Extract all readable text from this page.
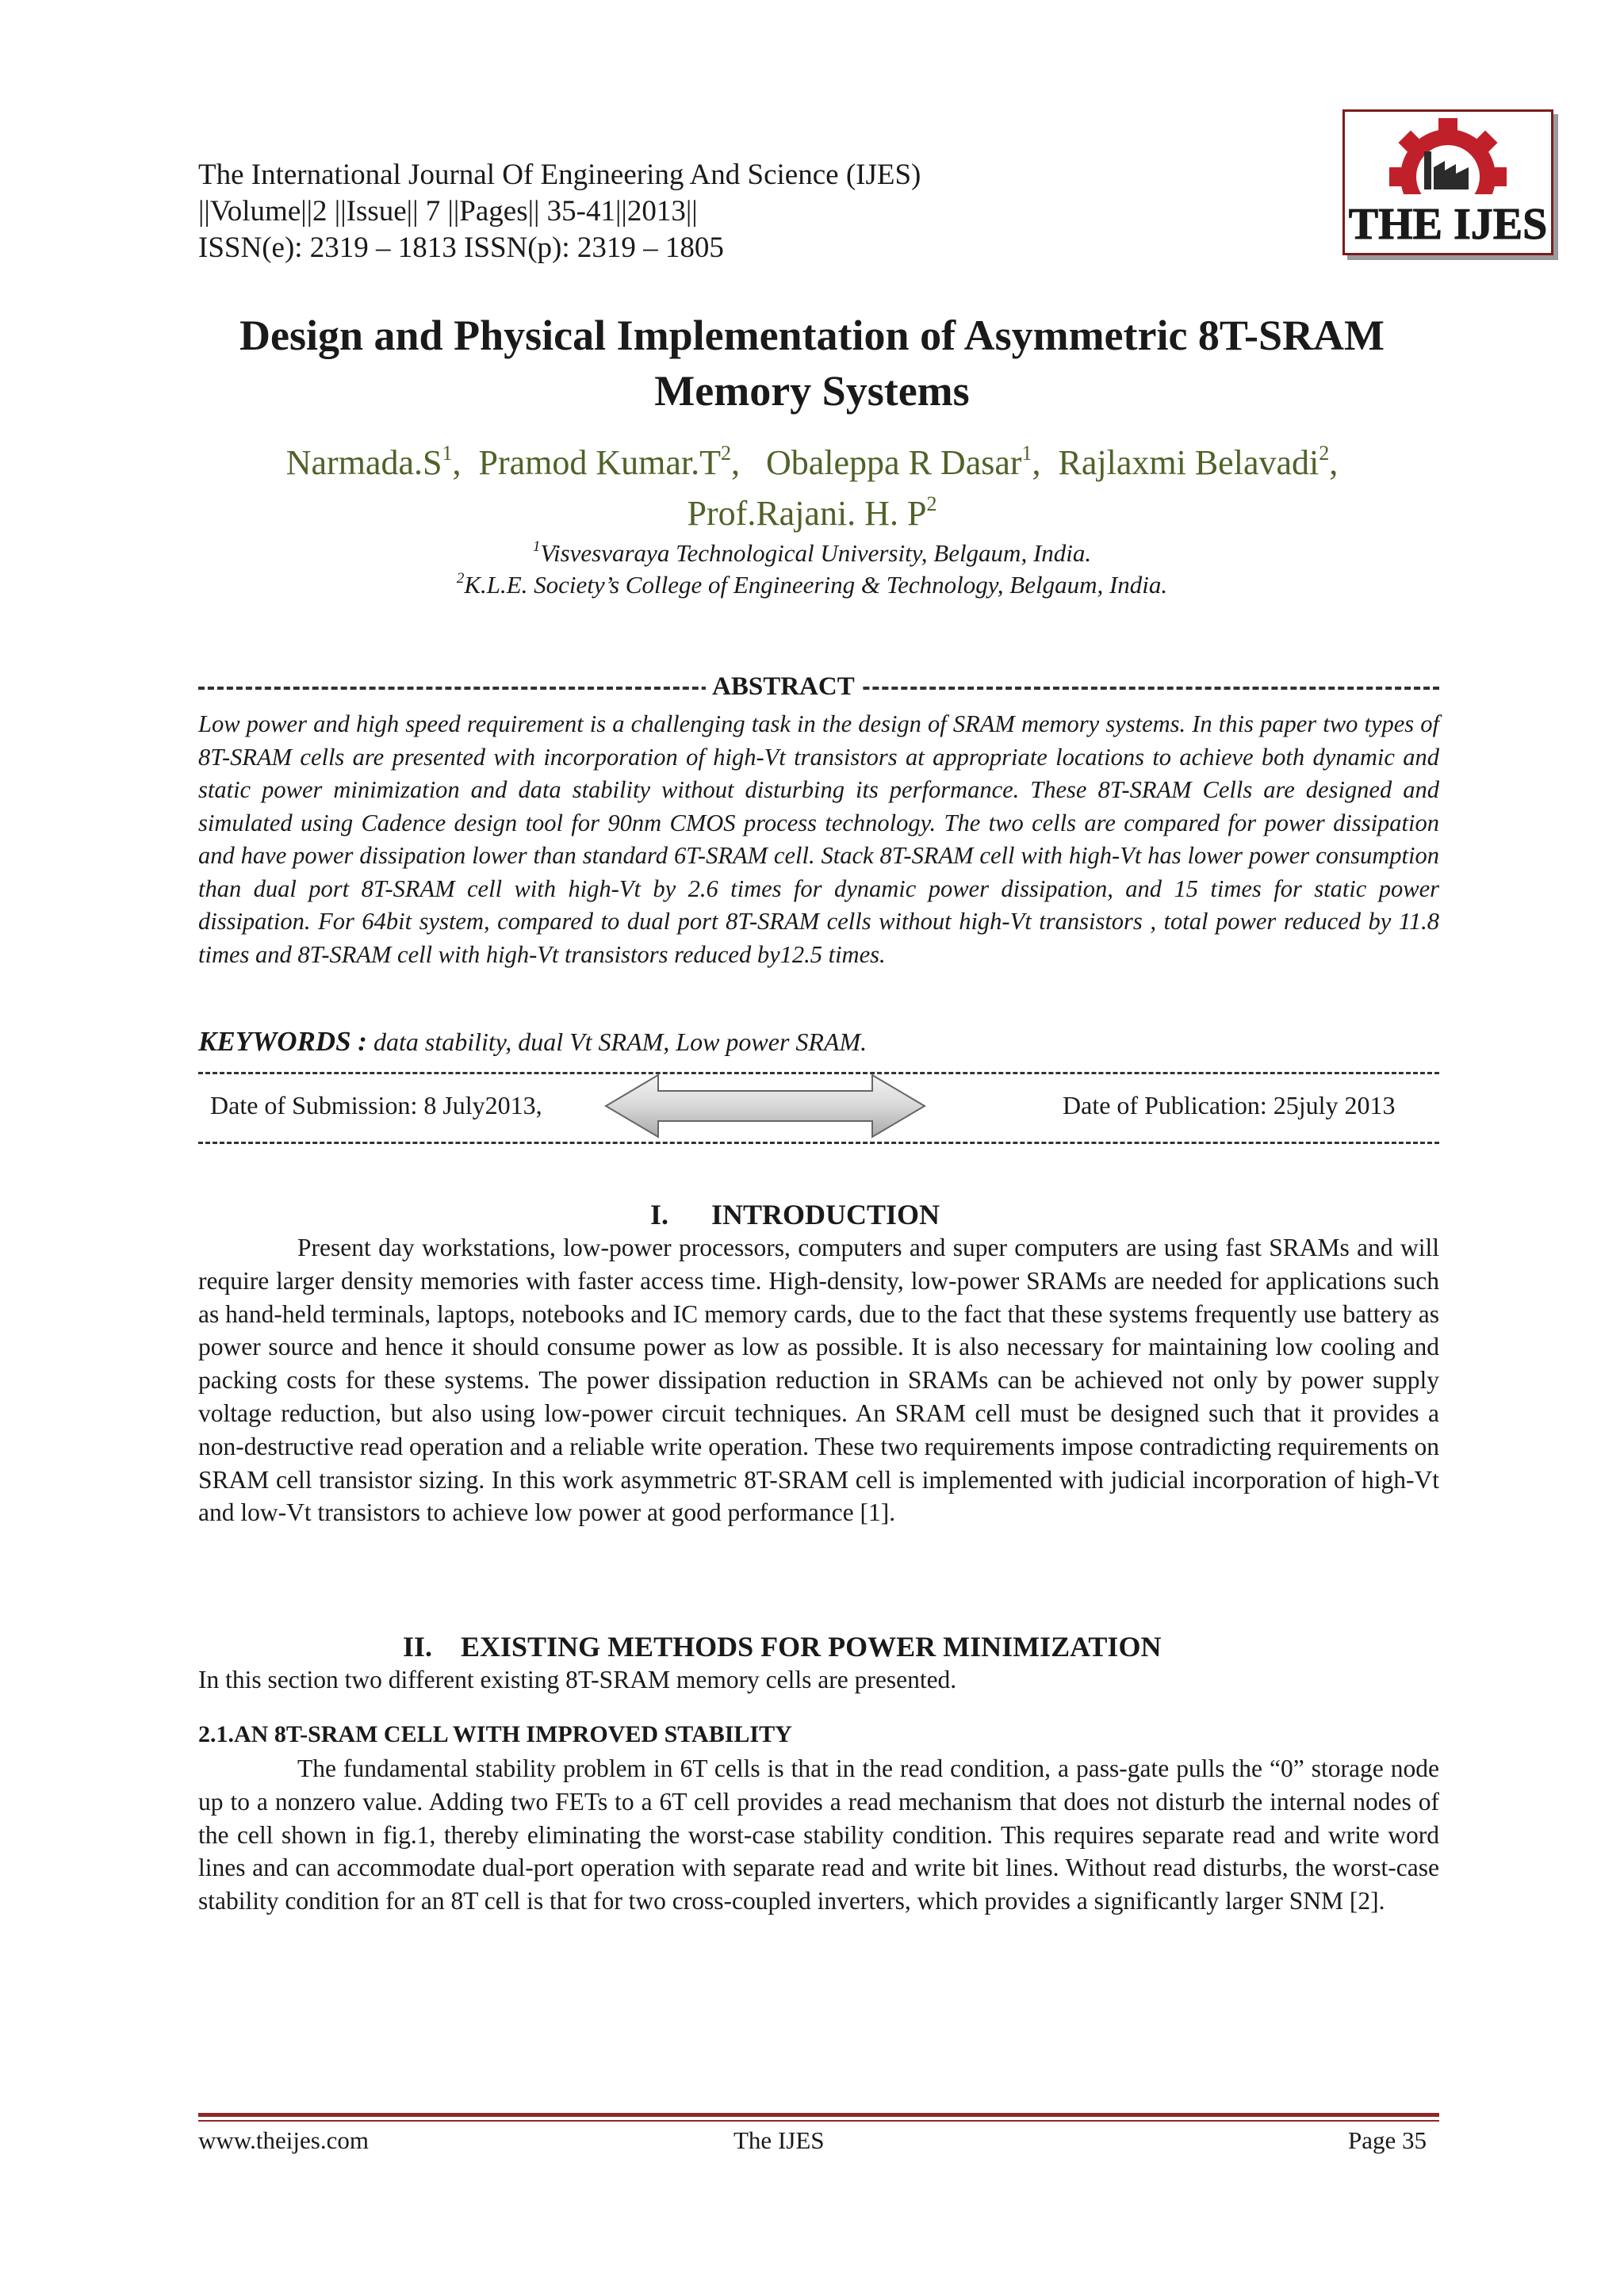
The International Journal Of Engineering And Science (IJES)
||Volume||2 ||Issue|| 7 ||Pages|| 35-41||2013||
ISSN(e): 2319 – 1813 ISSN(p): 2319 – 1805	THE IJES
Design and Physical Implementation of Asymmetric 8T-SRAM
Memory Systems
$Narmada.S^1$,  Pramod $Kumar.T^2$,   Obaleppa R Dasar$^1$,  Rajlaxmi Belavadi$^2$,
Prof.Rajani. H. $P^2$
$^1$Visvesvaraya Technological University, Belgaum, India.
$^2$K.L.E. Society’s College of Engineering & Technology, Belgaum, India.
ABSTRACT
Low power and high speed requirement is a challenging task in the design of SRAM memory systems. In this paper two types of 8T-SRAM cells are presented with incorporation of high-Vt transistors at appropriate locations to achieve both dynamic and static power minimization and data stability without disturbing its performance. These 8T-SRAM Cells are designed and simulated using Cadence design tool for 90nm CMOS process technology. The two cells are compared for power dissipation and have power dissipation lower than standard 6T-SRAM cell. Stack 8T-SRAM cell with high-Vt has lower power consumption than dual port 8T-SRAM cell with high-Vt by 2.6 times for dynamic power dissipation, and 15 times for static power dissipation. For 64bit system, compared to dual port 8T-SRAM cells without high-Vt transistors , total power reduced by 11.8 times and 8T-SRAM cell with high-Vt transistors reduced by12.5 times.
KEYWORDS : data stability, dual Vt SRAM, Low power SRAM.
Date of Submission: 8 July2013,	Date of Publication: 25july 2013
I.      INTRODUCTION
Present day workstations, low-power processors, computers and super computers are using fast SRAMs and will require larger density memories with faster access time. High-density, low-power SRAMs are needed for applications such as hand-held terminals, laptops, notebooks and IC memory cards, due to the fact that these systems frequently use battery as power source and hence it should consume power as low as possible. It is also necessary for maintaining low cooling and packing costs for these systems. The power dissipation reduction in SRAMs can be achieved not only by power supply voltage reduction, but also using low-power circuit techniques. An SRAM cell must be designed such that it provides a non-destructive read operation and a reliable write operation. These two requirements impose contradicting requirements on SRAM cell transistor sizing. In this work asymmetric 8T-SRAM cell is implemented with judicial incorporation of high-Vt and low-Vt transistors to achieve low power at good performance [1].
II.    EXISTING METHODS FOR POWER MINIMIZATION
In this section two different existing 8T-SRAM memory cells are presented.
2.1.AN 8T-SRAM CELL WITH IMPROVED STABILITY
The fundamental stability problem in 6T cells is that in the read condition, a pass-gate pulls the “0” storage node up to a nonzero value. Adding two FETs to a 6T cell provides a read mechanism that does not disturb the internal nodes of the cell shown in fig.1, thereby eliminating the worst-case stability condition. This requires separate read and write word lines and can accommodate dual-port operation with separate read and write bit lines. Without read disturbs, the worst-case stability condition for an 8T cell is that for two cross-coupled inverters, which provides a significantly larger SNM [2].
www.theijes.com	The IJES	Page 35
